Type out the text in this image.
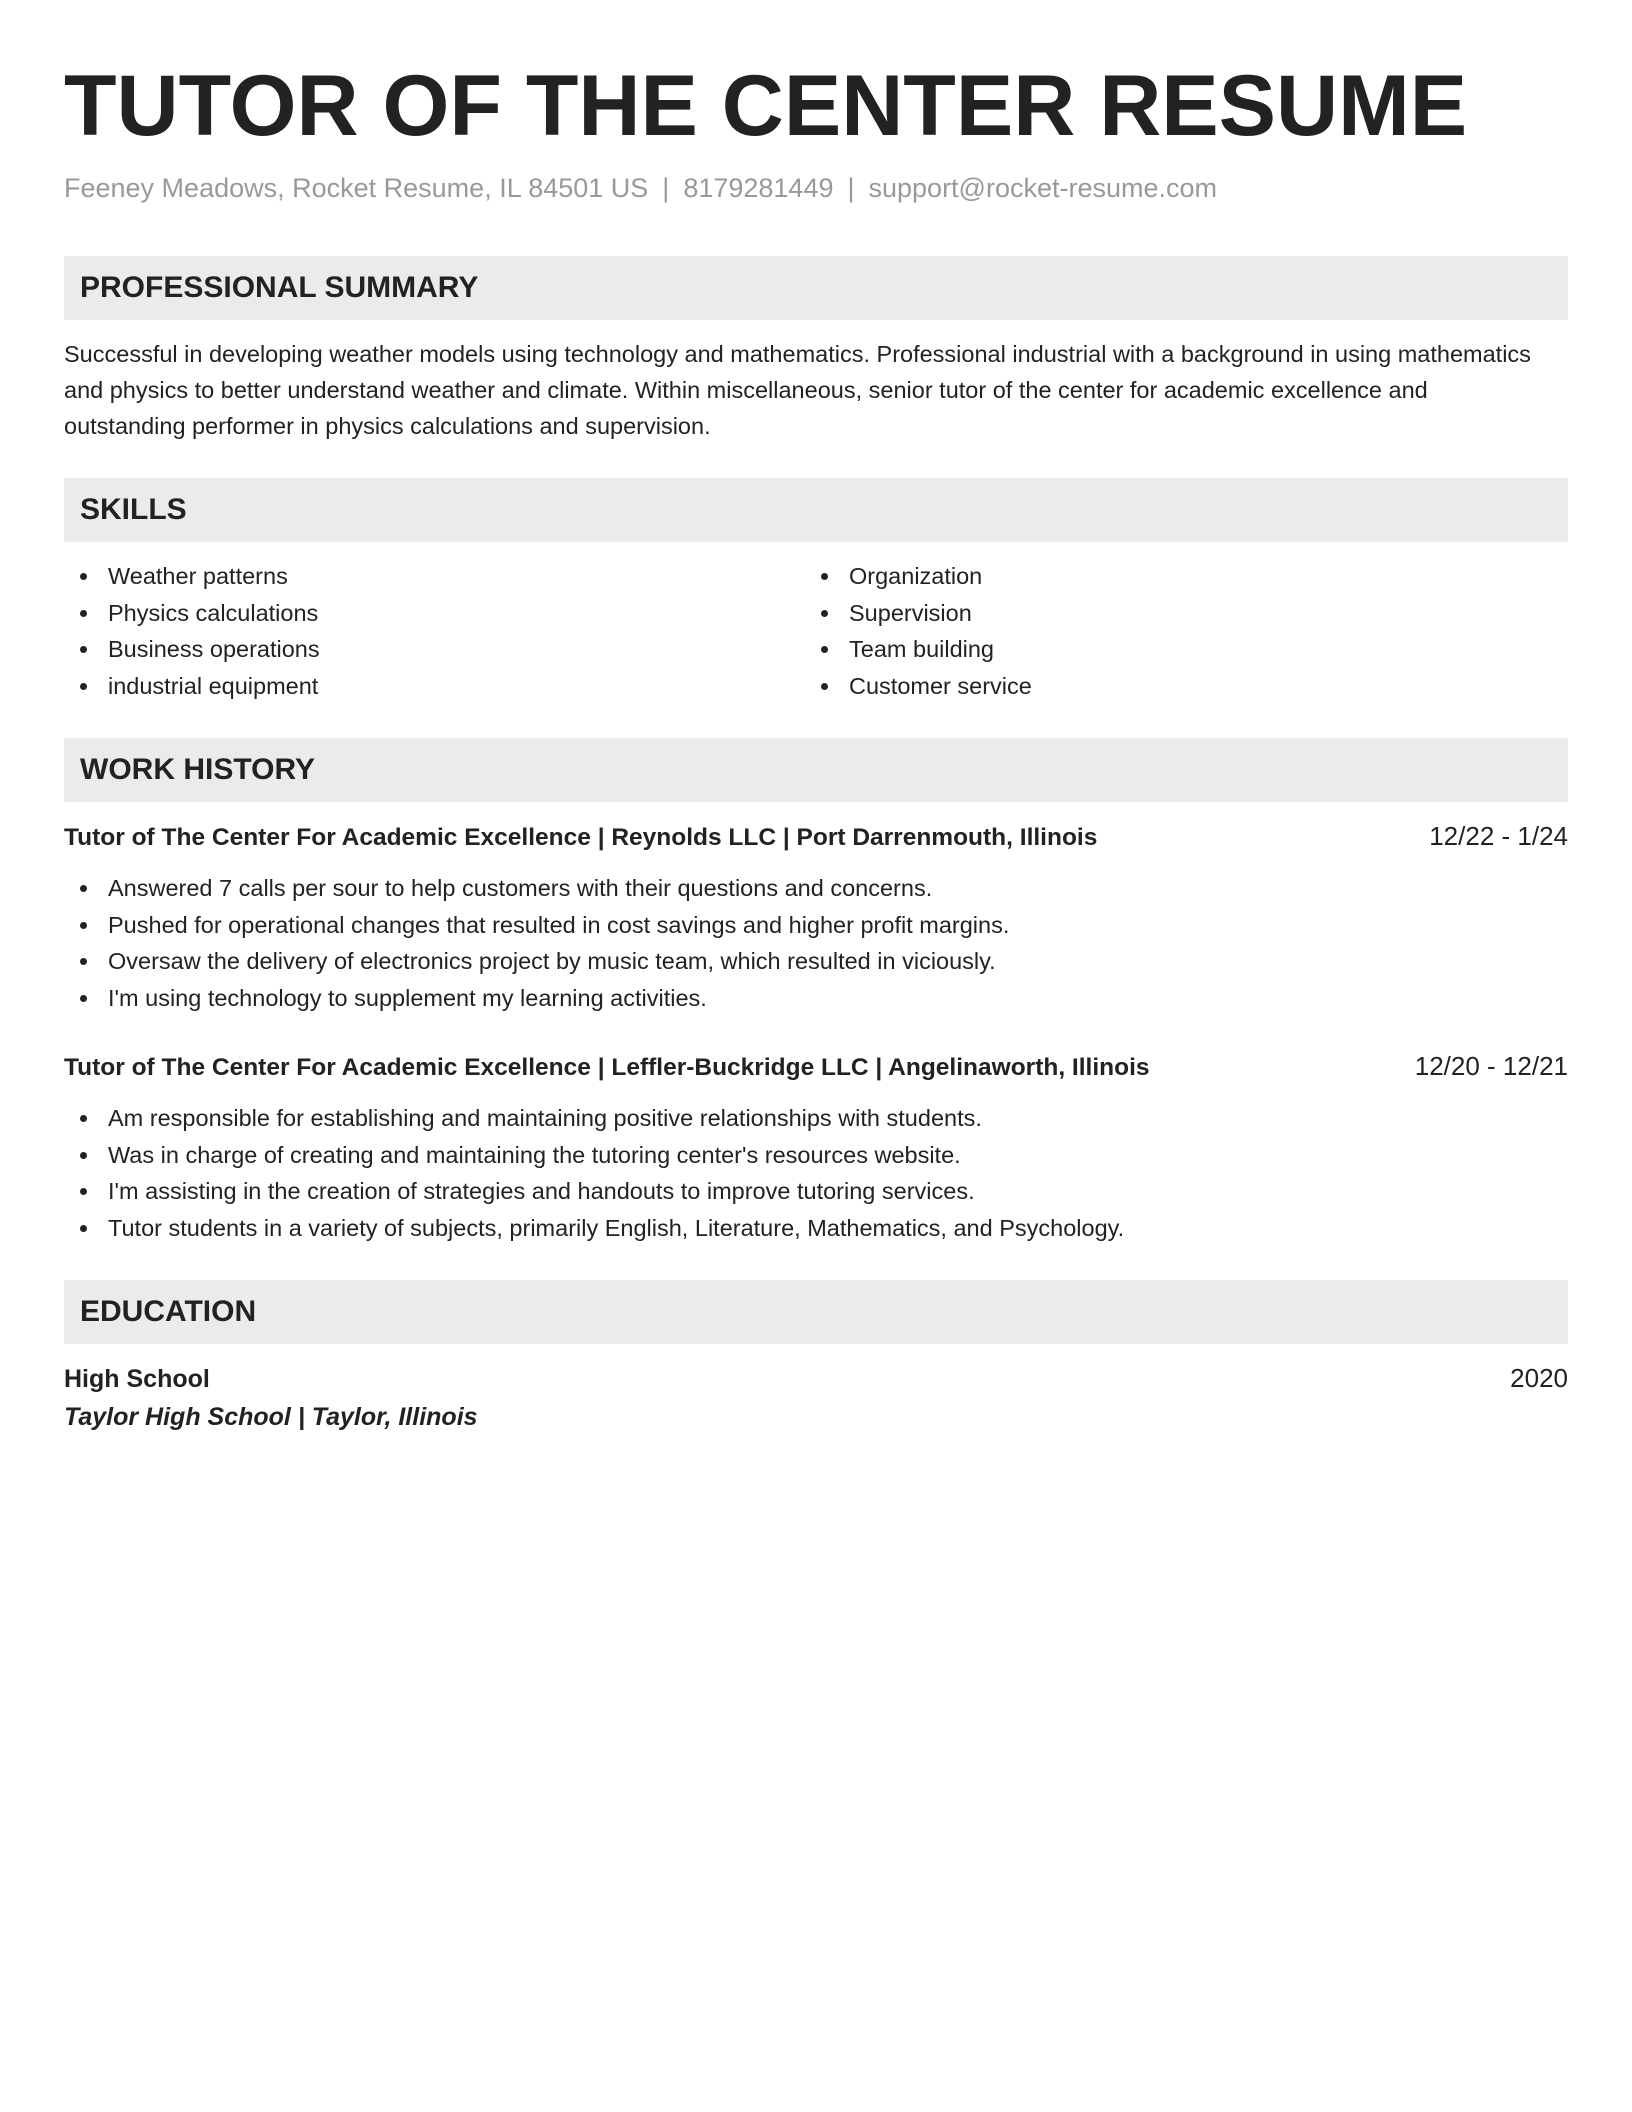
TUTOR OF THE CENTER RESUME
Feeney Meadows, Rocket Resume, IL 84501 US | 8179281449 | support@rocket-resume.com
PROFESSIONAL SUMMARY

Successful in developing weather models using technology and mathematics. Professional industrial with a background in using mathematics and physics to better understand weather and climate. Within miscellaneous, senior tutor of the center for academic excellence and outstanding performer in physics calculations and supervision.

SKILLS
Weather patterns
Physics calculations
Business operations
industrial equipment
Organization
Supervision
Team building
Customer service
WORK HISTORY
Tutor of The Center For Academic Excellence | Reynolds LLC | Port Darrenmouth, Illinois	12/22 - 1/24
Answered 7 calls per sour to help customers with their questions and concerns.
Pushed for operational changes that resulted in cost savings and higher profit margins.
Oversaw the delivery of electronics project by music team, which resulted in viciously.
I'm using technology to supplement my learning activities.
Tutor of The Center For Academic Excellence | Leffler-Buckridge LLC | Angelinaworth, Illinois	12/20 - 12/21
Am responsible for establishing and maintaining positive relationships with students.
Was in charge of creating and maintaining the tutoring center's resources website.
I'm assisting in the creation of strategies and handouts to improve tutoring services.
Tutor students in a variety of subjects, primarily English, Literature, Mathematics, and Psychology.
EDUCATION
High School	2020
Taylor High School | Taylor, Illinois
